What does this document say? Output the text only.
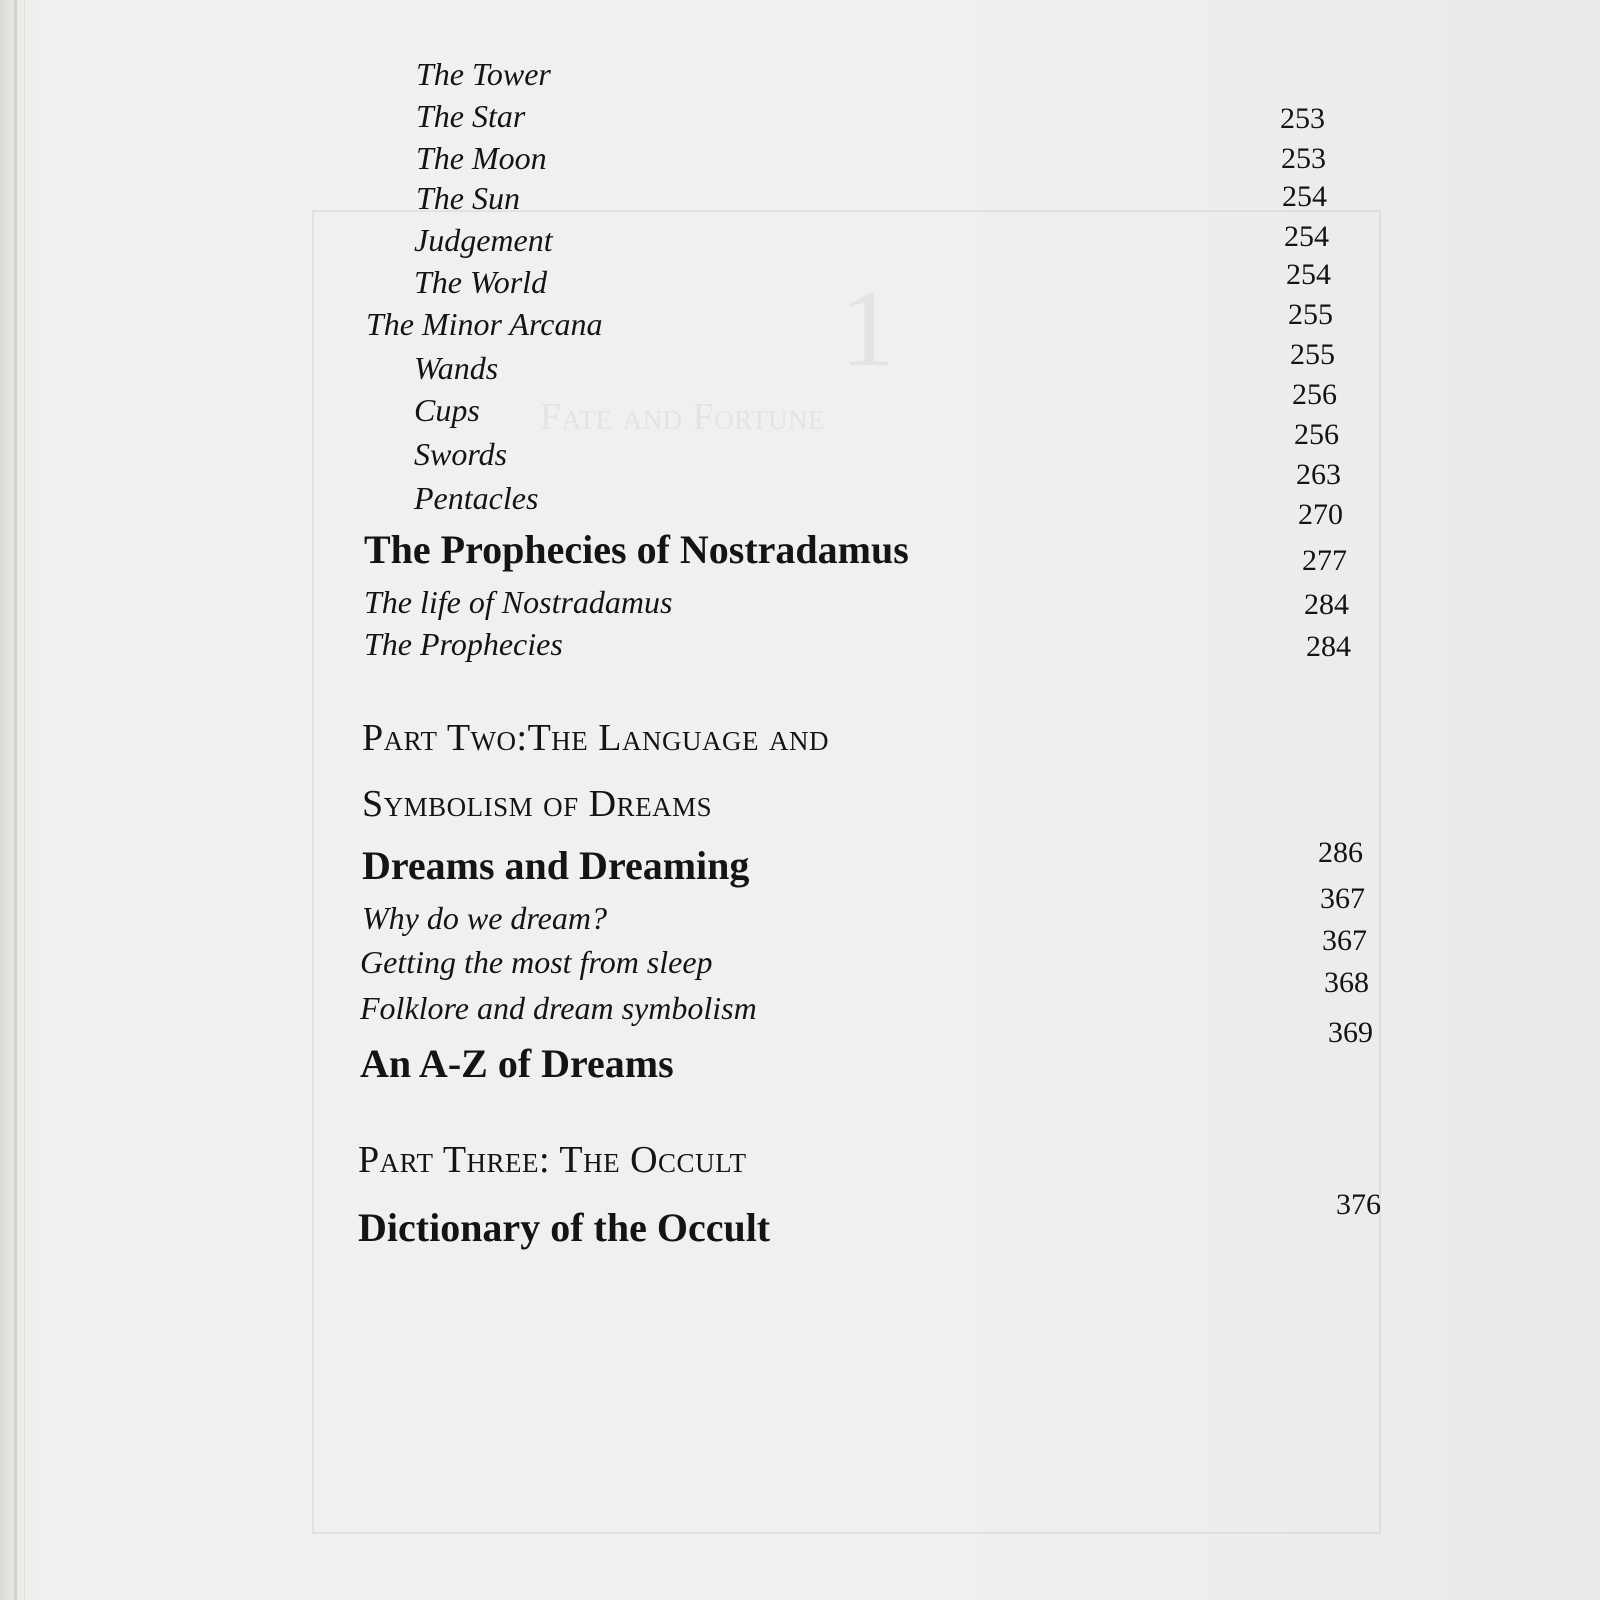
1
Fate and Fortune

The Tower

The Star

The Moon

The Sun

Judgement

The World

The Minor Arcana

Wands

Cups

Swords

Pentacles

The Prophecies of Nostradamus

The life of Nostradamus

The Prophecies

Part Two:The Language and

Symbolism of Dreams

Dreams and Dreaming

Why do we dream?

Getting the most from sleep

Folklore and dream symbolism

An A-Z of Dreams

Part Three: The Occult

Dictionary of the Occult

253
253
254
254
254
255
255
256
256
263
270
277
284
284
286
367
367
368
369
376
